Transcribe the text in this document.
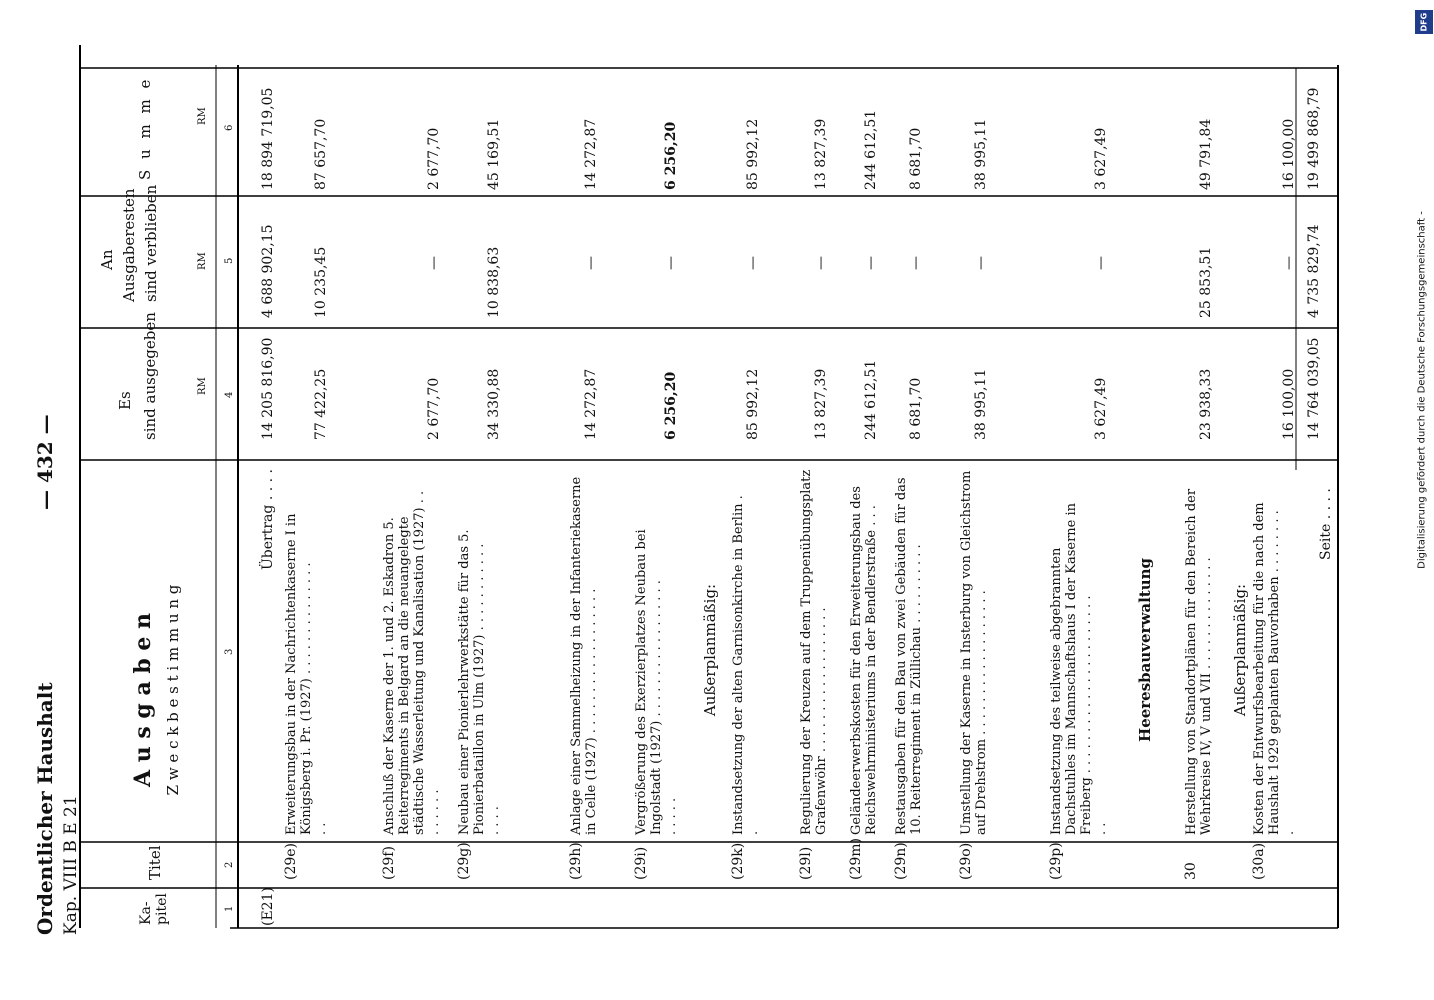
Ordentlicher Haushalt Kap. VIII B E 21
— 432 —
Ka- pitel
Titel
A u s g a b e n Z w e c k b e s t i m m u n g
Es sind ausgegeben
An Ausgaberesten sind verblieben
S u m m e
RM
RM
RM
1
2
3
4
5
6
(E21)
Übertrag . . . .
14 205 816,90
4 688 902,15
18 894 719,05
(29e)
Erweiterungsbau in der Nachrichtenkaserne I in Königsberg i. Pr. (1927) . . . . . . . . . . . . . . . .
77 422,25
10 235,45
87 657,70
(29f)
Anschluß der Kaserne der 1. und 2. Eskadron 5. Reiterregiments in Belgard an die neuangelegte städtische Wasserleitung und Kanalisation (1927) . . . . . . . .
2 677,70
—
2 677,70
(29g)
Neubau einer Pionierlehrwerkstätte für das 5. Pionierbataillon in Ulm (1927) . . . . . . . . . . . . . . .
34 330,88
10 838,63
45 169,51
(29h)
Anlage einer Sammelheizung in der Infanteriekaserne in Celle (1927) . . . . . . . . . . . . . . . . . .
14 272,87
—
14 272,87
(29i)
Vergrößerung des Exerzierplatzes Neubau bei Ingolstadt (1927) . . . . . . . . . . . . . . . . . . . . . .
6 256,20
—
6 256,20
Außerplanmäßig:
(29k)
Instandsetzung der alten Garnisonkirche in Berlin . .
85 992,12
—
85 992,12
(29l)
Regulierung der Kreuzen auf dem Truppenübungsplatz Grafenwöhr . . . . . . . . . . . . . . . . . .
13 827,39
—
13 827,39
(29m)
Geländeerwerbskosten für den Erweiterungsbau des Reichswehrministeriums in der Bendlerstraße . . .
244 612,51
—
244 612,51
(29n)
Restausgaben für den Bau von zwei Gebäuden für das 10. Reiterregiment in Züllichau . . . . . . . . . .
8 681,70
—
8 681,70
(29o)
Umstellung der Kaserne in Insterburg von Gleichstrom auf Drehstrom . . . . . . . . . . . . . . . . . .
38 995,11
—
38 995,11
(29p)
Instandsetzung des teilweise abgebrannten Dachstuhles im Mannschaftshaus I der Kaserne in Freiberg . . . . . . . . . . . . . . . . . . . . . . . .
3 627,49
—
3 627,49
Heeresbauverwaltung
30
Herstellung von Standortplänen für den Bereich der Wehrkreise IV, V und VII . . . . . . . . . . . . . .
23 938,33
25 853,51
49 791,84
Außerplanmäßig:
(30a)
Kosten der Entwurfsbearbeitung für die nach dem Haushalt 1929 geplanten Bauvorhaben . . . . . . . . .
16 100,00
—
16 100,00
Seite . . . .
14 764 039,05
4 735 829,74
19 499 868,79
DFG
Digitalisierung gefördert durch die Deutsche Forschungsgemeinschaft -
